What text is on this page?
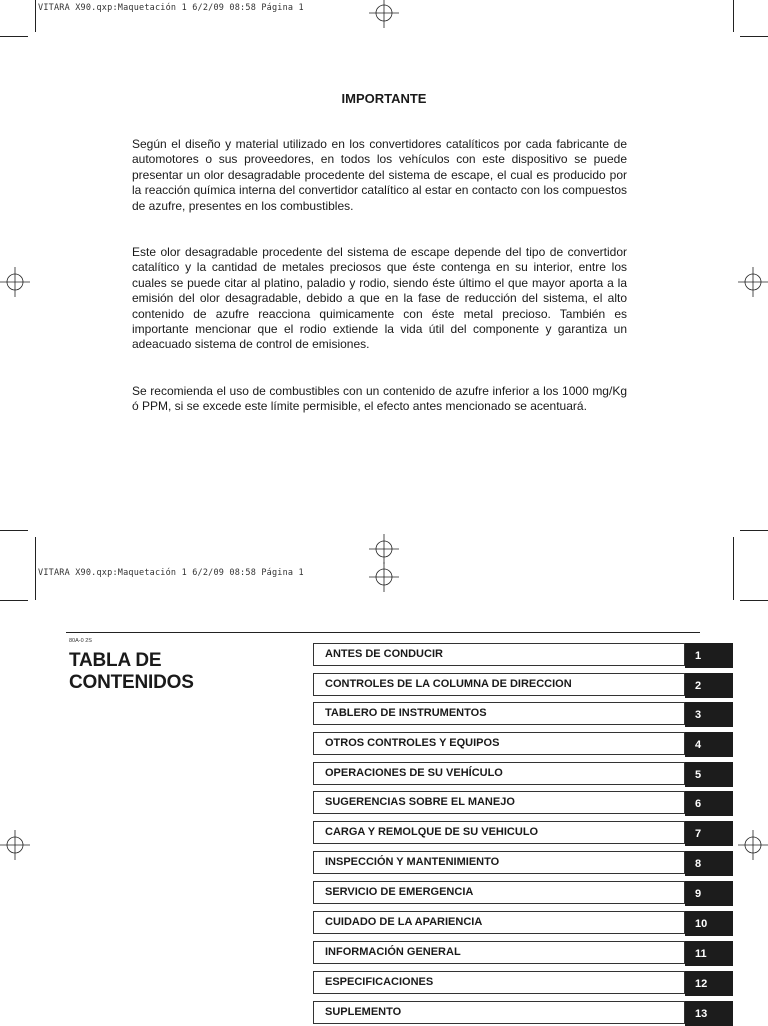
VITARA X90.qxp:Maquetación 1 6/2/09 08:58 Página 1
IMPORTANTE

Según el diseño y material utilizado en los convertidores catalíticos por cada fabricante de automotores o sus proveedores, en todos los vehículos con este dispositivo se puede presentar un olor desagradable procedente del sistema de escape, el cual es producido por la reacción química interna del convertidor catalítico al estar en contacto con los compuestos de azufre, presentes en los combustibles.

Este olor desagradable procedente del sistema de escape depende del tipo de convertidor catalítico y la cantidad de metales preciosos que éste contenga en su interior, entre los cuales se puede citar al platino, paladio y rodio, siendo éste último el que mayor aporta a la emisión del olor desagradable, debido a que en la fase de reducción del sistema, el alto contenido de azufre reacciona quimicamente con éste metal precioso. También es importante mencionar que el rodio extiende la vida útil del componente y garantiza un adeacuado sistema de control de emisiones.

Se recomienda el uso de combustibles con un contenido de azufre inferior a los 1000 mg/Kg ó PPM, si se excede este límite permisible, el efecto antes mencionado se acentuará.

VITARA X90.qxp:Maquetación 1 6/2/09 08:58 Página 1
80A-0 2S
TABLA DE
CONTENIDOS
ANTES DE CONDUCIR	1
CONTROLES DE LA COLUMNA DE DIRECCION	2
TABLERO DE INSTRUMENTOS	3
OTROS CONTROLES Y EQUIPOS	4
OPERACIONES DE SU VEHÍCULO	5
SUGERENCIAS SOBRE EL MANEJO	6
CARGA Y REMOLQUE DE SU VEHICULO	7
INSPECCIÓN Y MANTENIMIENTO	8
SERVICIO DE EMERGENCIA	9
CUIDADO DE LA APARIENCIA	10
INFORMACIÓN GENERAL	11
ESPECIFICACIONES	12
SUPLEMENTO	13
